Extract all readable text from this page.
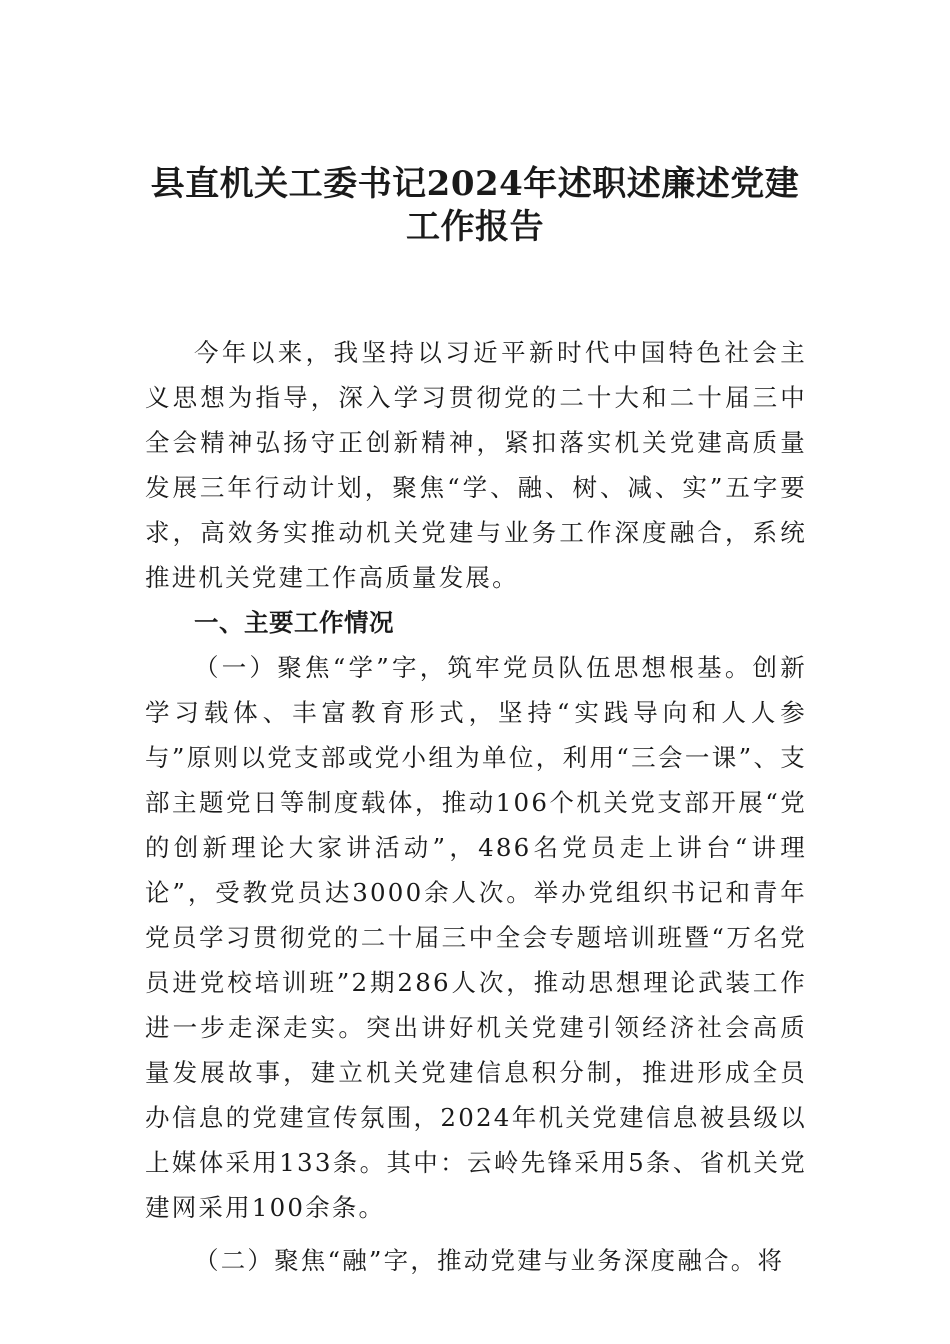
县直机关工委书记2024年述职述廉述党建
工作报告

今年以来，我坚持以习近平新时代中国特色社会主义思想为指导，深入学习贯彻党的二十大和二十届三中全会精神弘扬守正创新精神，紧扣落实机关党建高质量发展三年行动计划，聚焦“学、融、树、减、实”五字要求，高效务实推动机关党建与业务工作深度融合，系统推进机关党建工作高质量发展。

一、主要工作情况

（一）聚焦“学”字，筑牢党员队伍思想根基。创新学习载体、丰富教育形式，坚持“实践导向和人人参与”原则以党支部或党小组为单位，利用“三会一课”、支部主题党日等制度载体，推动106个机关党支部开展“党的创新理论大家讲活动”，486名党员走上讲台“讲理论”，受教党员达3000余人次。举办党组织书记和青年党员学习贯彻党的二十届三中全会专题培训班暨“万名党员进党校培训班”2期286人次，推动思想理论武装工作进一步走深走实。突出讲好机关党建引领经济社会高质量发展故事，建立机关党建信息积分制，推进形成全员办信息的党建宣传氛围，2024年机关党建信息被县级以上媒体采用133条。其中：云岭先锋采用5条、省机关党建网采用100余条。

（二）聚焦“融”字，推动党建与业务深度融合。将
